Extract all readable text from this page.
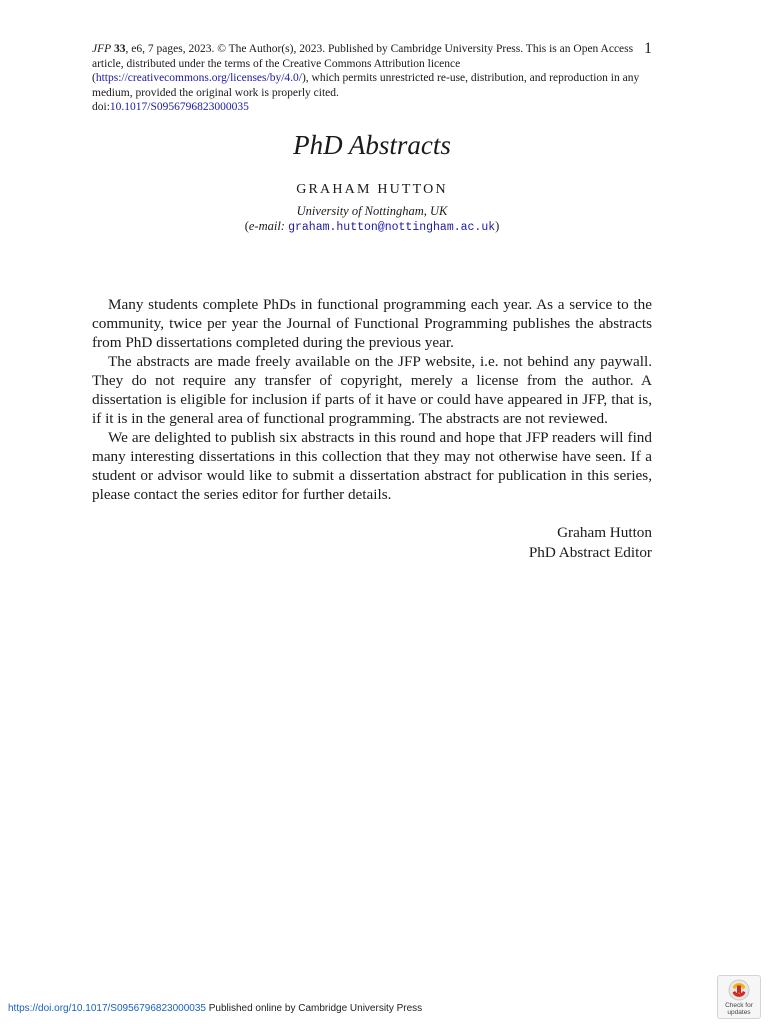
JFP 33, e6, 7 pages, 2023. © The Author(s), 2023. Published by Cambridge University Press. This is an Open Access article, distributed under the terms of the Creative Commons Attribution licence (https://creativecommons.org/licenses/by/4.0/), which permits unrestricted re-use, distribution, and reproduction in any medium, provided the original work is properly cited.
doi:10.1017/S0956796823000035
1
PhD Abstracts
GRAHAM HUTTON
University of Nottingham, UK
(e-mail: graham.hutton@nottingham.ac.uk)

Many students complete PhDs in functional programming each year. As a service to the community, twice per year the Journal of Functional Programming publishes the abstracts from PhD dissertations completed during the previous year.

The abstracts are made freely available on the JFP website, i.e. not behind any paywall. They do not require any transfer of copyright, merely a license from the author. A dissertation is eligible for inclusion if parts of it have or could have appeared in JFP, that is, if it is in the general area of functional programming. The abstracts are not reviewed.

We are delighted to publish six abstracts in this round and hope that JFP readers will find many interesting dissertations in this collection that they may not otherwise have seen. If a student or advisor would like to submit a dissertation abstract for publication in this series, please contact the series editor for further details.

Graham Hutton
PhD Abstract Editor
https://doi.org/10.1017/S0956796823000035 Published online by Cambridge University Press	Check for
updates
